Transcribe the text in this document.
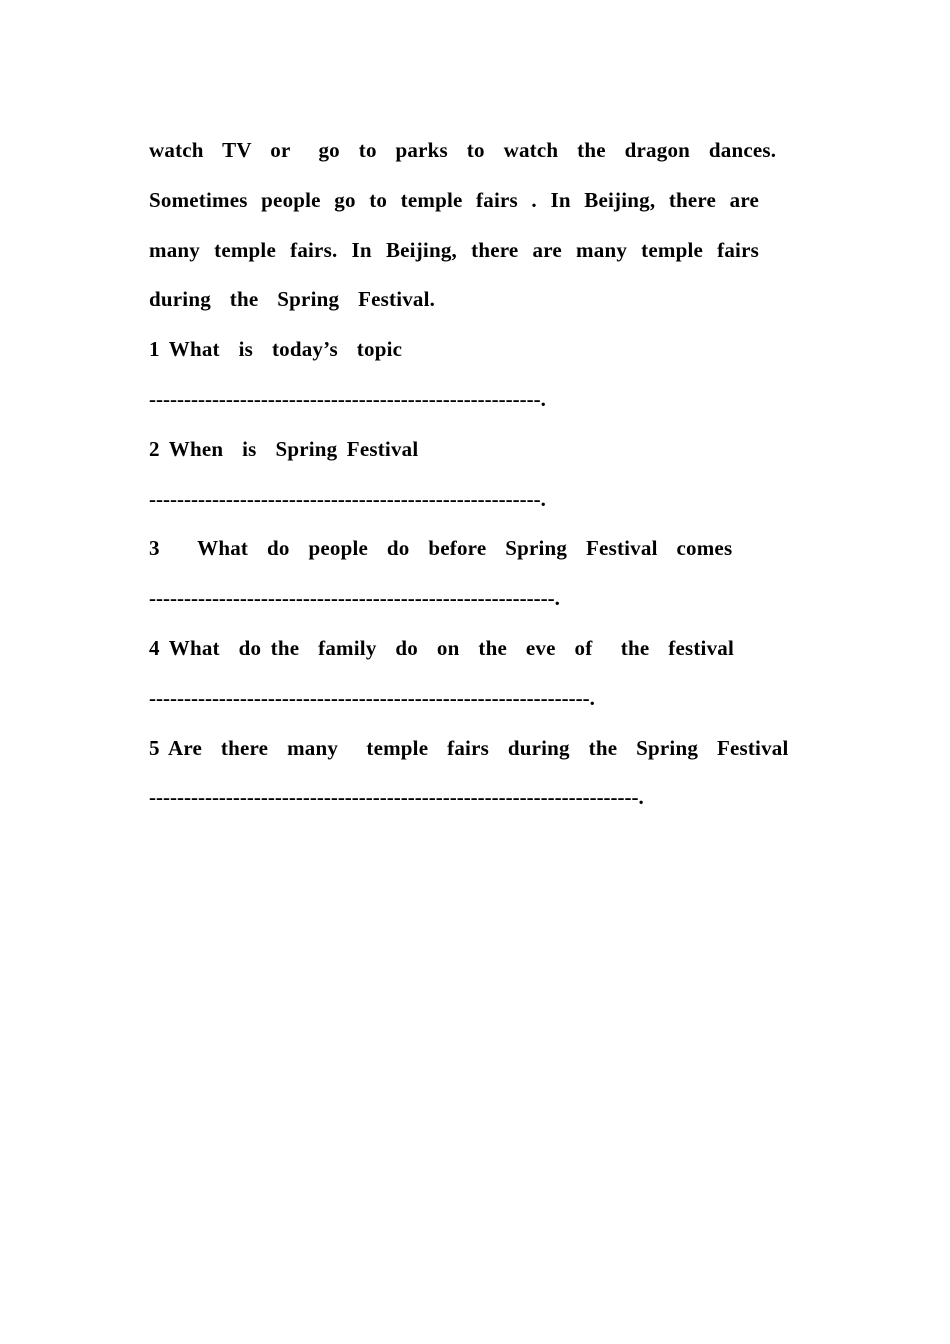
watch  TV  or   go  to  parks  to  watch  the  dragon  dances.
Sometimes people go to temple fairs . In Beijing, there are
many temple fairs. In Beijing, there are many temple fairs
during  the  Spring  Festival.
1 What  is  today’s  topic
--------------------------------------------------------.
2 When  is  Spring Festival
--------------------------------------------------------.
3    What  do  people  do  before  Spring  Festival  comes
----------------------------------------------------------.
4 What  do the  family  do  on  the  eve  of   the  festival
---------------------------------------------------------------.
5 Are  there  many   temple  fairs  during  the  Spring  Festival
----------------------------------------------------------------------.
